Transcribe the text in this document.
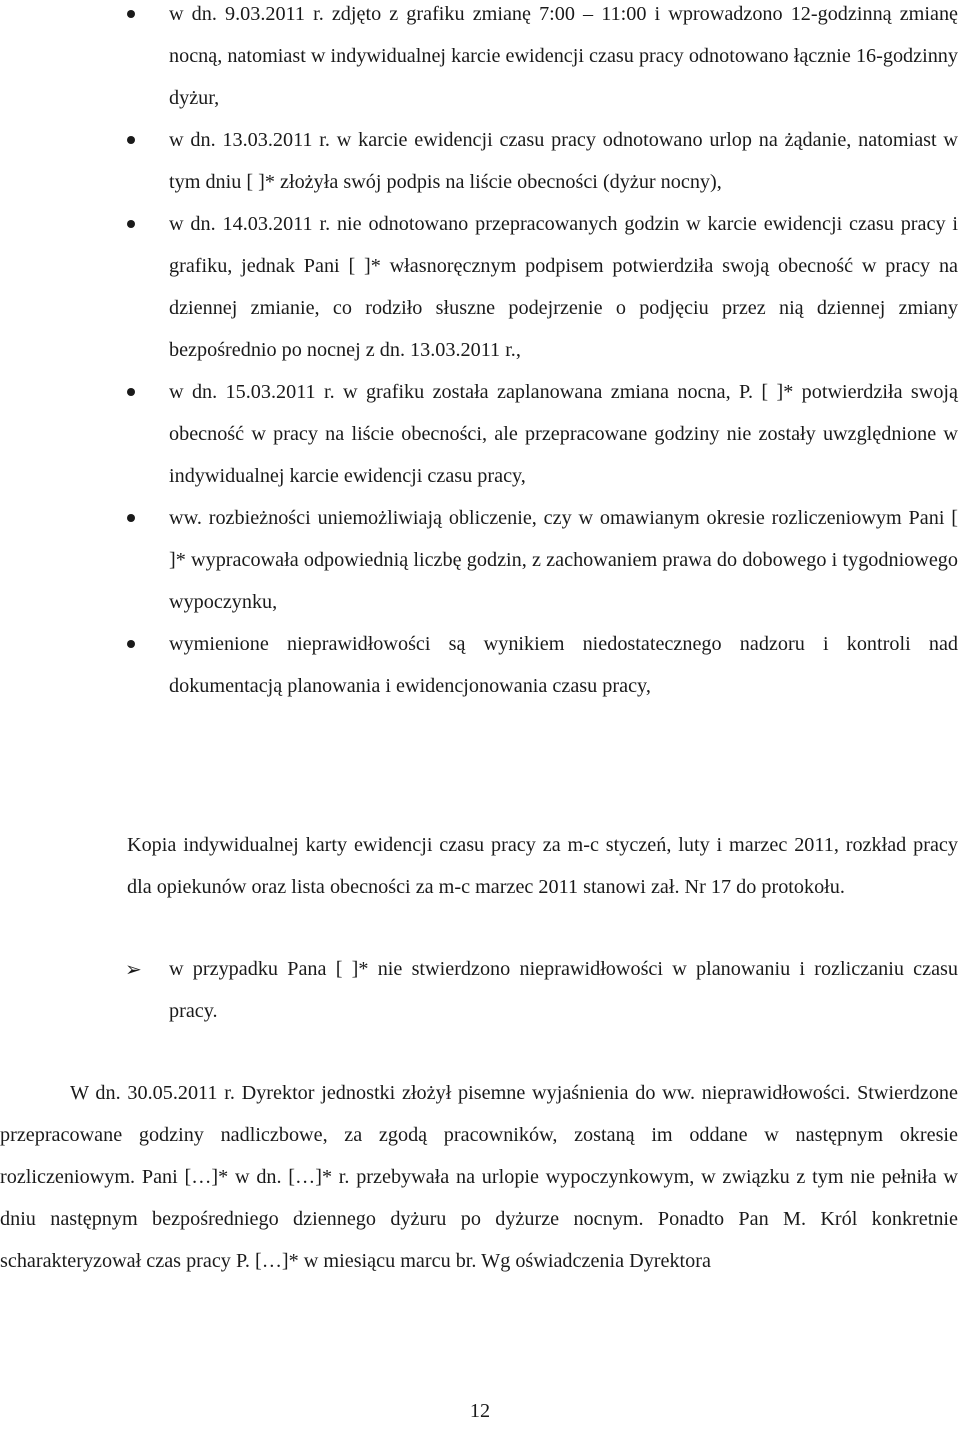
w dn. 9.03.2011 r. zdjęto z grafiku zmianę 7:00 – 11:00 i wprowadzono 12-godzinną zmianę nocną, natomiast w indywidualnej karcie ewidencji czasu pracy odnotowano łącznie 16-godzinny dyżur,
w dn. 13.03.2011 r. w karcie ewidencji czasu pracy odnotowano urlop na żądanie, natomiast w tym dniu [ ]* złożyła swój podpis na liście obecności (dyżur nocny),
w dn. 14.03.2011 r. nie odnotowano przepracowanych godzin w karcie ewidencji czasu pracy i grafiku, jednak Pani [ ]* własnoręcznym podpisem potwierdziła swoją obecność w pracy na dziennej zmianie, co rodziło słuszne podejrzenie o podjęciu przez nią dziennej zmiany bezpośrednio po nocnej z dn. 13.03.2011 r.,
w dn. 15.03.2011 r. w grafiku została zaplanowana zmiana nocna, P. [ ]* potwierdziła swoją obecność w pracy na liście obecności, ale przepracowane godziny nie zostały uwzględnione w indywidualnej karcie ewidencji czasu pracy,
ww. rozbieżności uniemożliwiają obliczenie, czy w omawianym okresie rozliczeniowym Pani [ ]* wypracowała odpowiednią liczbę godzin, z zachowaniem prawa do dobowego i tygodniowego wypoczynku,
wymienione nieprawidłowości są wynikiem niedostatecznego nadzoru i kontroli nad dokumentacją planowania i ewidencjonowania czasu pracy,

Kopia indywidualnej karty ewidencji czasu pracy za m-c styczeń, luty i marzec 2011, rozkład pracy dla opiekunów oraz lista obecności za m-c marzec 2011 stanowi zał. Nr 17 do protokołu.

➢ w przypadku Pana [ ]* nie stwierdzono nieprawidłowości w planowaniu i rozliczaniu czasu pracy.

W dn. 30.05.2011 r. Dyrektor jednostki złożył pisemne wyjaśnienia do ww. nieprawidłowości. Stwierdzone przepracowane godziny nadliczbowe, za zgodą pracowników, zostaną im oddane w następnym okresie rozliczeniowym. Pani […]* w dn. […]* r. przebywała na urlopie wypoczynkowym, w związku z tym nie pełniła w dniu następnym bezpośredniego dziennego dyżuru po dyżurze nocnym. Ponadto Pan M. Król konkretnie scharakteryzował czas pracy P. […]* w miesiącu marcu br. Wg oświadczenia Dyrektora

12
